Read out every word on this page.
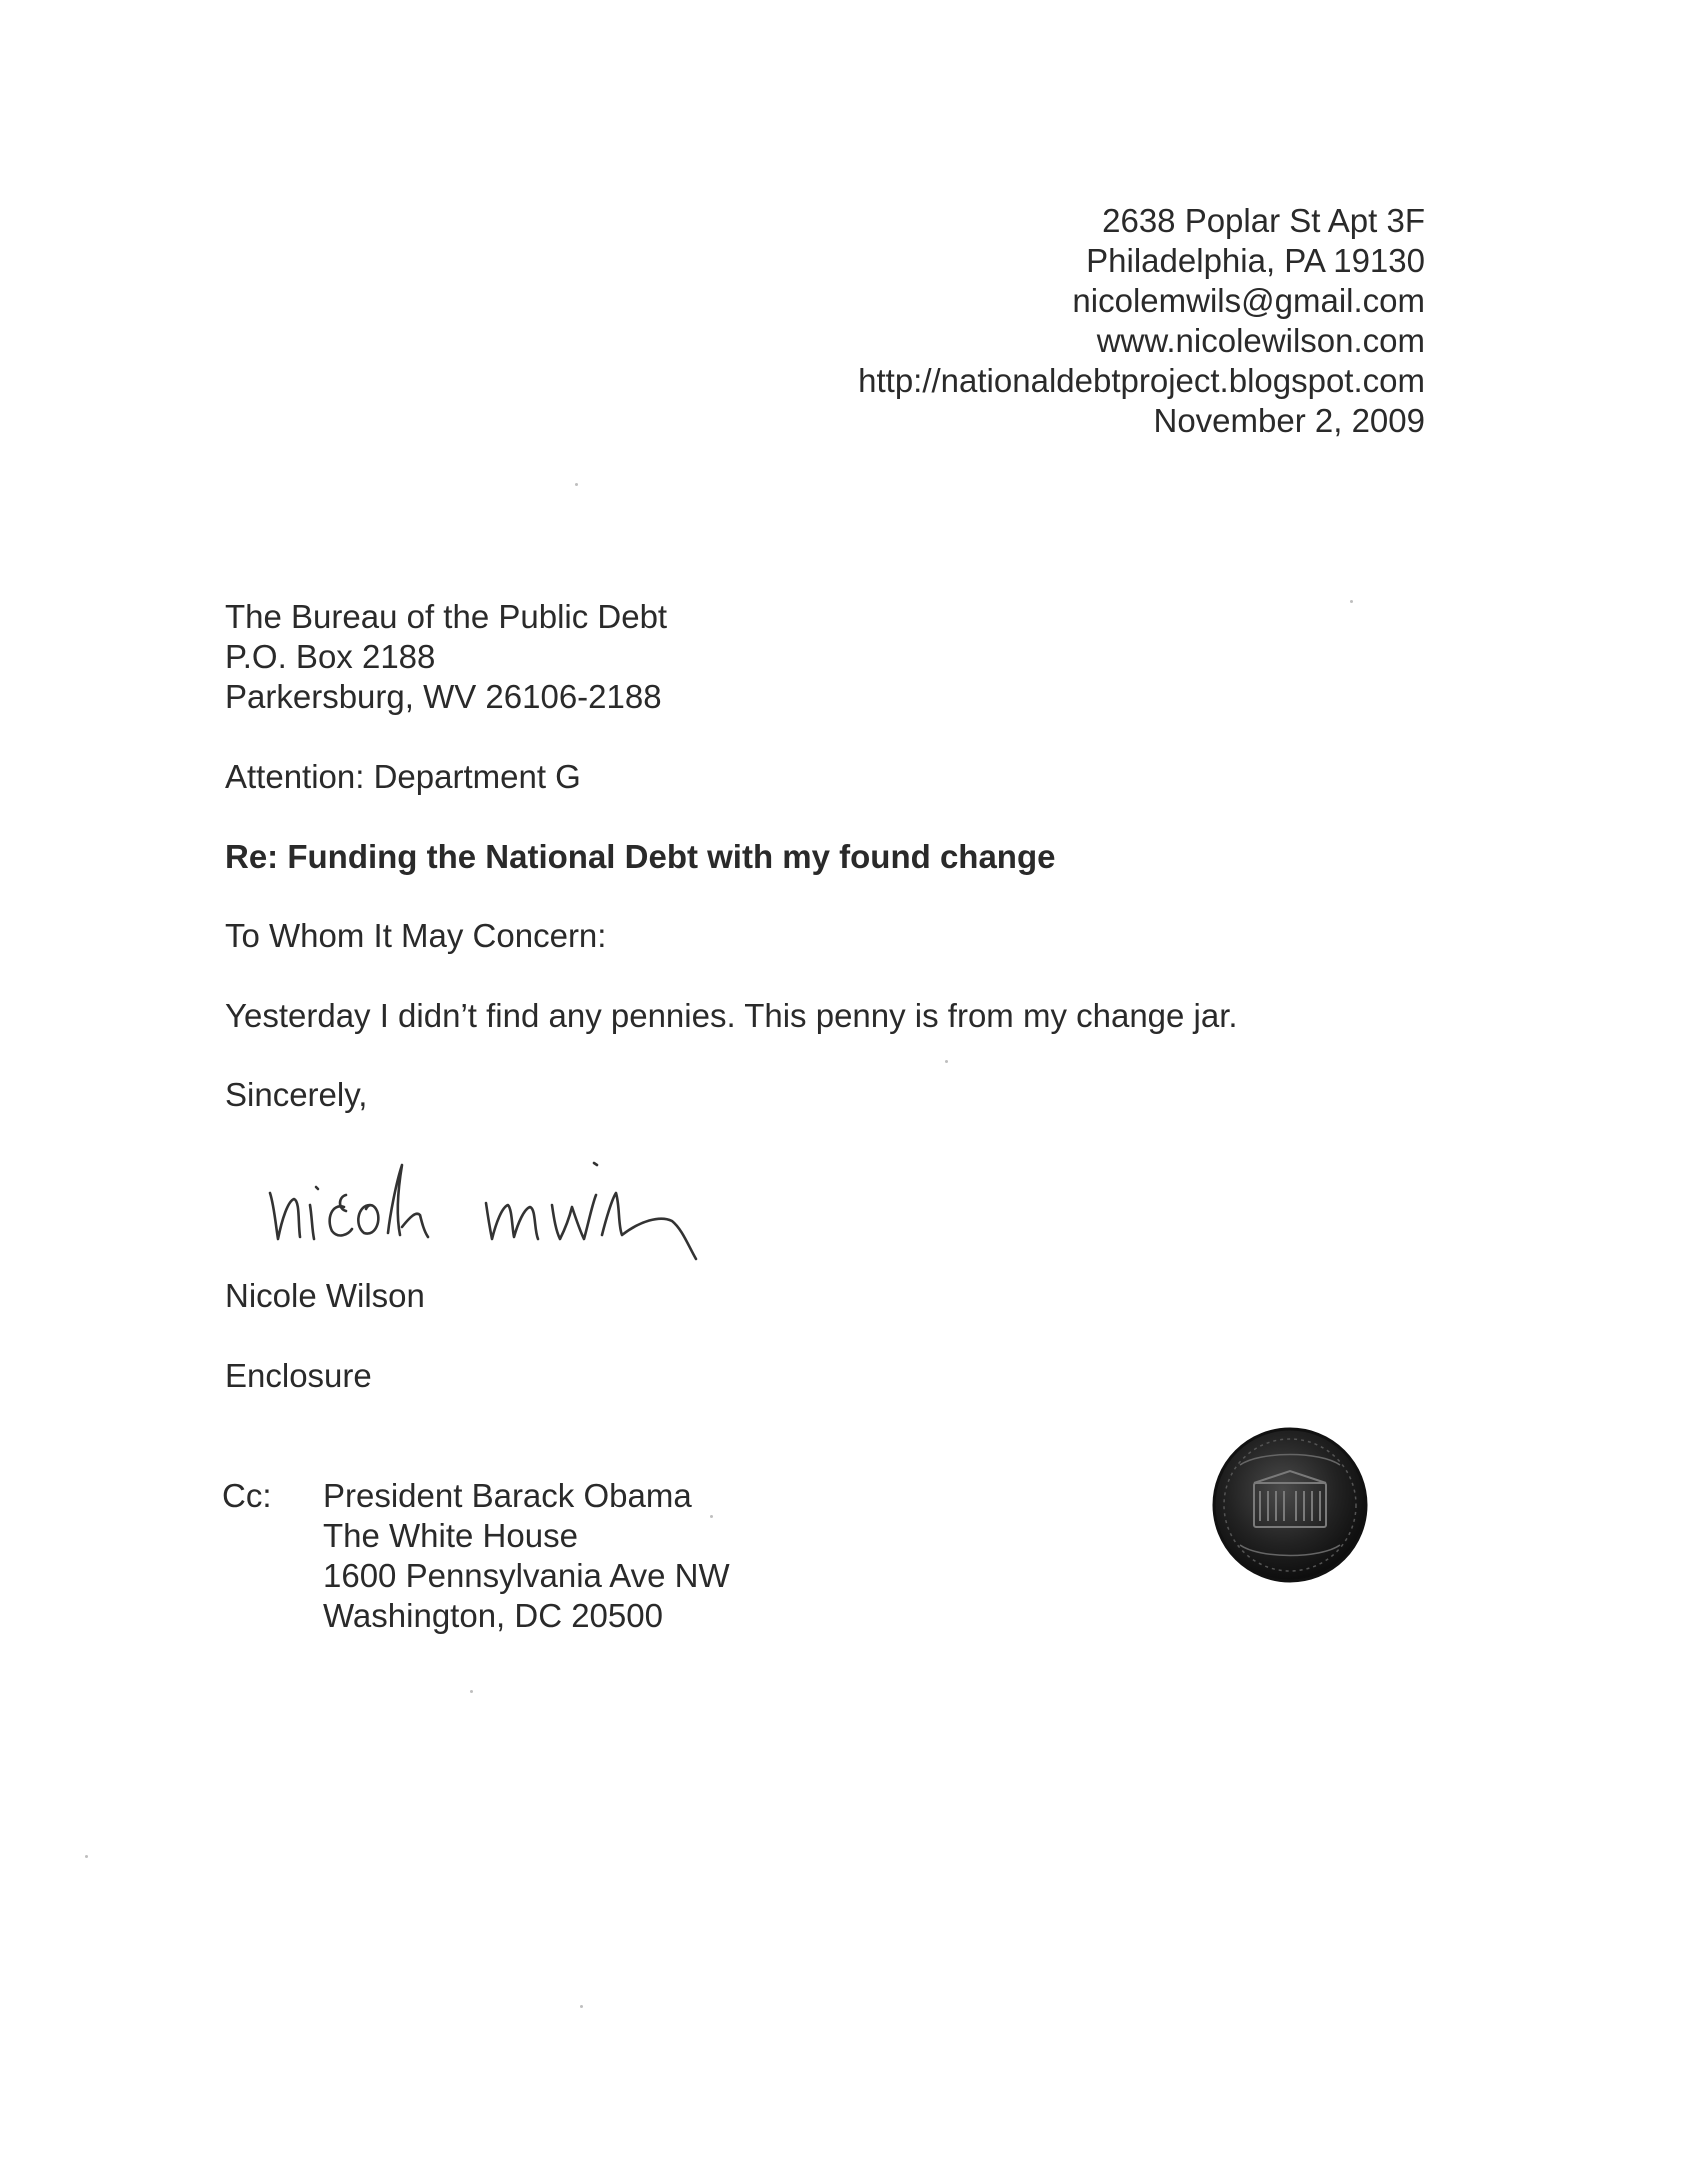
2638 Poplar St Apt 3F
Philadelphia, PA 19130
nicolemwils@gmail.com
www.nicolewilson.com
http://nationaldebtproject.blogspot.com
November 2, 2009
The Bureau of the Public Debt
P.O. Box 2188
Parkersburg, WV 26106-2188
Attention: Department G
Re: Funding the National Debt with my found change
To Whom It May Concern:
Yesterday I didn’t find any pennies. This penny is from my change jar.
Sincerely,
Nicole Wilson
Enclosure
Cc: President Barack Obama
The White House
1600 Pennsylvania Ave NW
Washington, DC 20500
